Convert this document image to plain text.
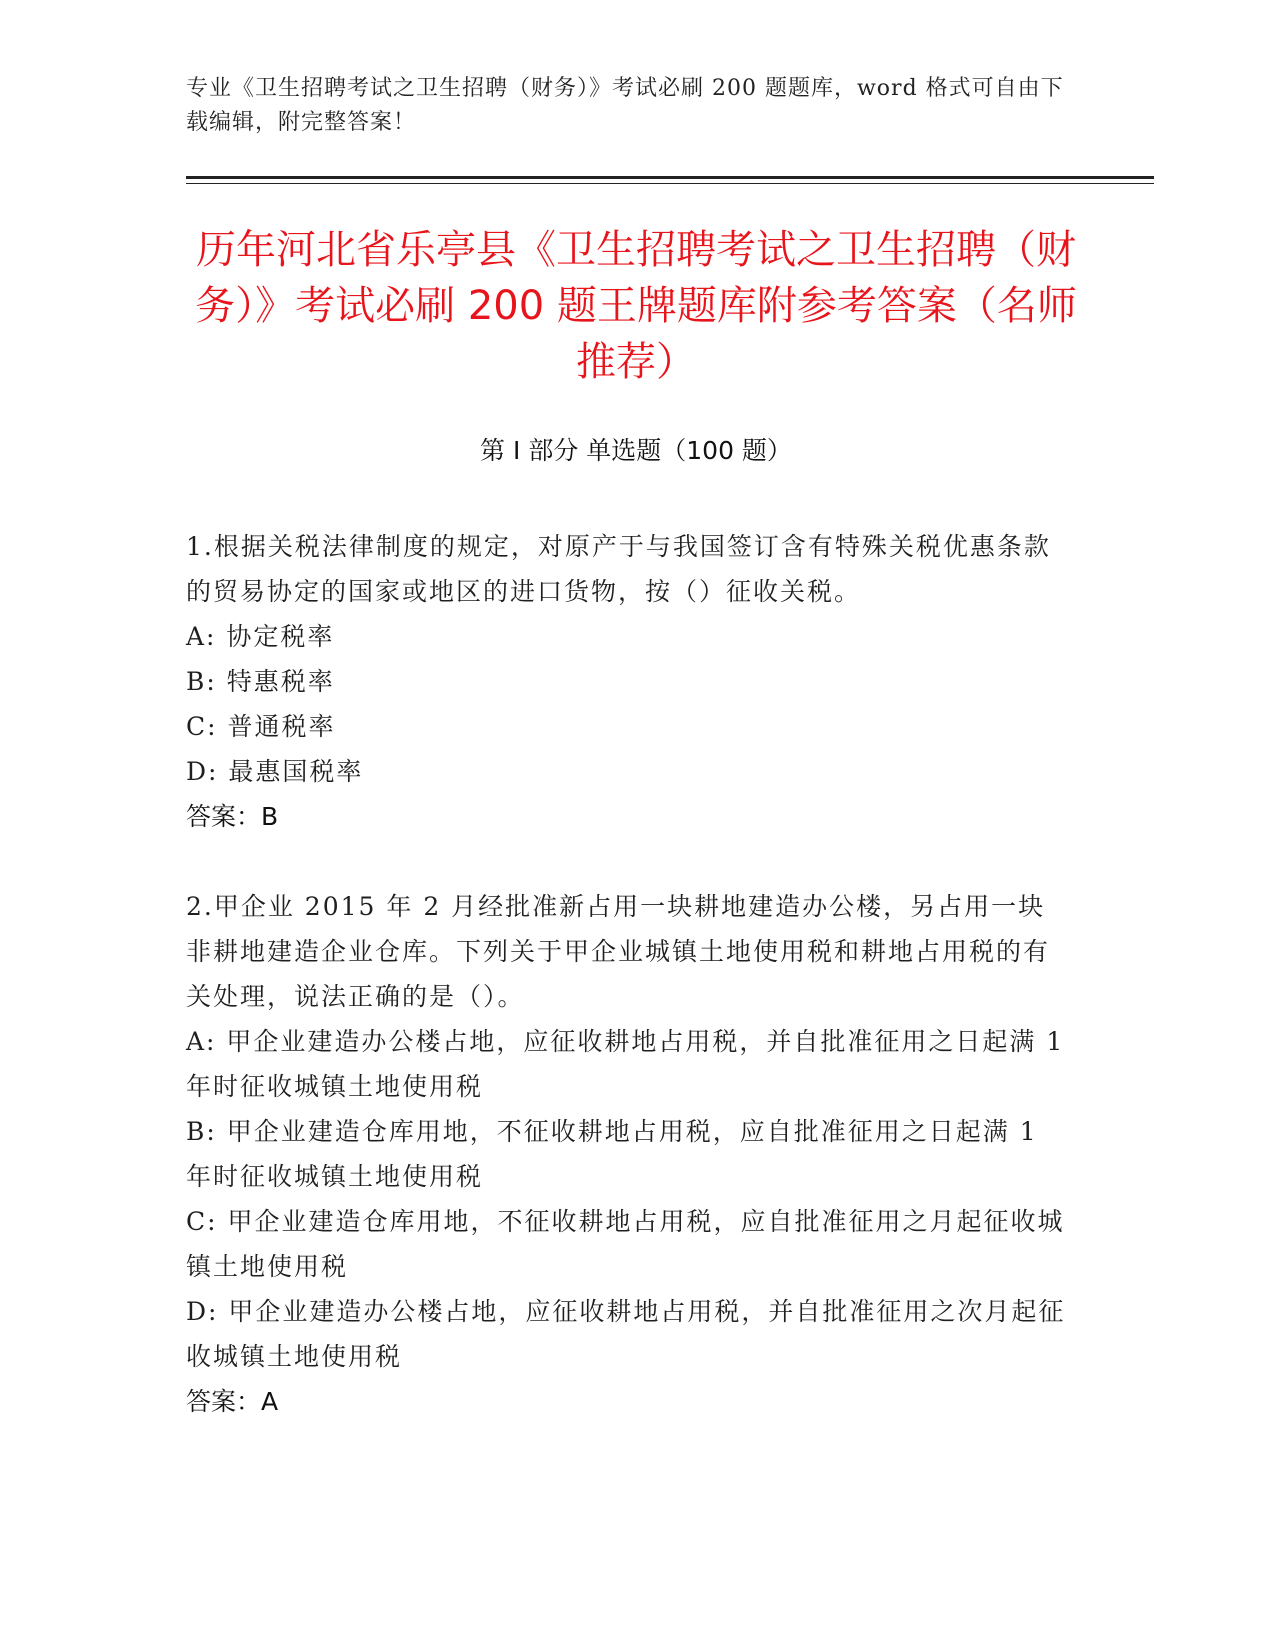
专业《卫生招聘考试之卫生招聘（财务）》考试必刷 200 题题库，word 格式可自由下载编辑，附完整答案！
历年河北省乐亭县《卫生招聘考试之卫生招聘（财务）》考试必刷 200 题王牌题库附参考答案（名师推荐）
第 I 部分 单选题（100 题）

1.根据关税法律制度的规定，对原产于与我国签订含有特殊关税优惠条款的贸易协定的国家或地区的进口货物，按（）征收关税。

A: 协定税率

B: 特惠税率

C: 普通税率

D: 最惠国税率

答案：B

2.甲企业 2015 年 2 月经批准新占用一块耕地建造办公楼，另占用一块非耕地建造企业仓库。下列关于甲企业城镇土地使用税和耕地占用税的有关处理，说法正确的是（）。

A: 甲企业建造办公楼占地，应征收耕地占用税，并自批准征用之日起满 1 年时征收城镇土地使用税

B: 甲企业建造仓库用地，不征收耕地占用税，应自批准征用之日起满 1 年时征收城镇土地使用税

C: 甲企业建造仓库用地，不征收耕地占用税，应自批准征用之月起征收城镇土地使用税

D: 甲企业建造办公楼占地，应征收耕地占用税，并自批准征用之次月起征收城镇土地使用税

答案：A
